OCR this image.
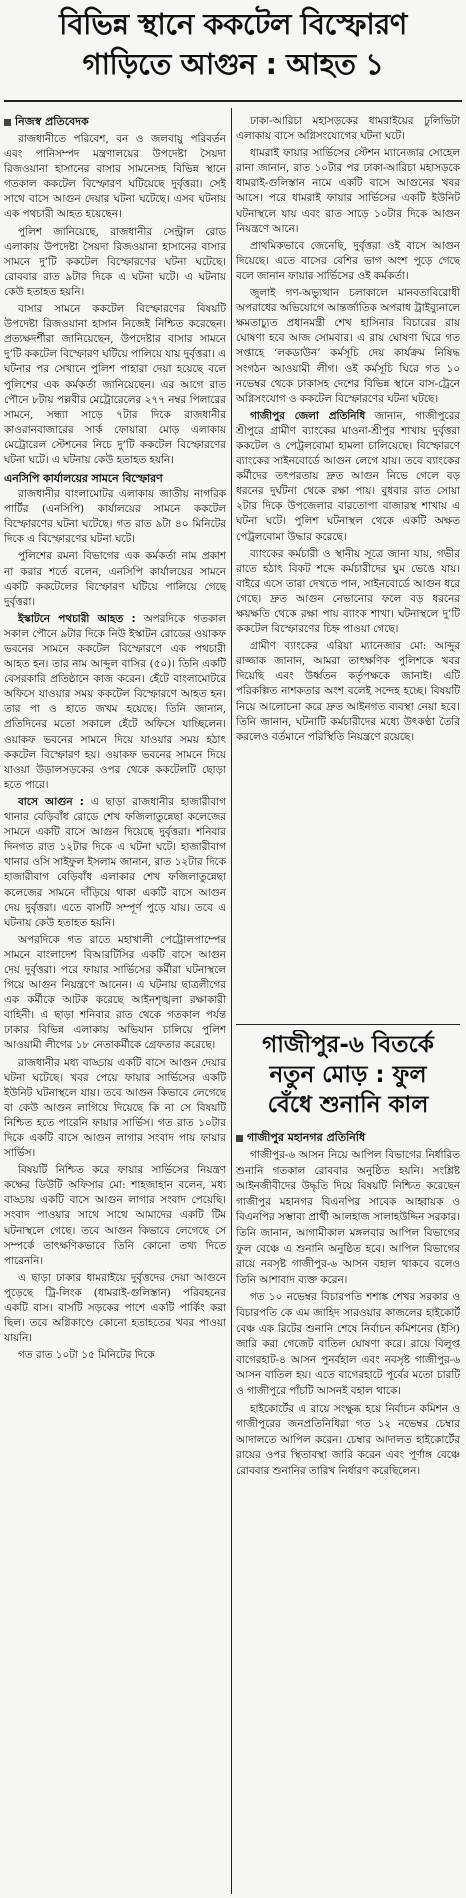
বিভিন্ন স্থানে ককটেল বিস্ফোরণ
গাড়িতে আগুন : আহত ১
নিজস্ব প্রতিবেদক

রাজধানীতে পরিবেশ, বন ও জলবায়ু পরিবর্তন এবং পানিসম্পদ মন্ত্রণালয়ের উপদেষ্টা সৈয়দা রিজওয়ানা হাসানের বাসার সামনেসহ বিভিন্ন স্থানে গতকাল ককটেল বিস্ফোরণ ঘটিয়েছে দুর্বৃত্তরা। সেই সাথে বাসে আগুন দেয়ার ঘটনা ঘটেছে। এসব ঘটনায় এক পথচারী আহত হয়েছেন।

পুলিশ জানিয়েছে, রাজধানীর সেন্ট্রাল রোড এলাকায় উপদেষ্টা সৈয়দা রিজওয়ানা হাসানের বাসার সামনে দু’টি ককটেল বিস্ফোরণের ঘটনা ঘটেছে। রোববার রাত ৯টার দিকে এ ঘটনা ঘটে। এ ঘটনায় কেউ হতাহত হয়নি।

বাসার সামনে ককটেল বিস্ফোরণের বিষয়টি উপদেষ্টা রিজওয়ানা হাসান নিজেই নিশ্চিত করেছেন। প্রত্যক্ষদর্শীরা জানিয়েছেন, উপদেষ্টার বাসার সামনে দু’টি ককটেল বিস্ফোরণ ঘটিয়ে পালিয়ে যায় দুর্বৃত্তরা। এ ঘটনার পর সেখানে পুলিশ পাহারা দেয়া হয়েছে বলে পুলিশের এক কর্মকর্তা জানিয়েছেন। এর আগে রাত পৌনে ৮টায় পল্লবীর মেট্রোরেলের ২৭৭ নম্বর পিলারের সামনে, সন্ধ্যা সাড়ে ৭টার দিকে রাজধানীর কাওরানবাজারের সার্ক ফোয়ারা মোড় এলাকায় মেট্রোরেল স্টেশনের নিচে দু’টি ককটেল বিস্ফোরণের ঘটনা ঘটে। এ ঘটনায় কেউ হতাহত হয়নি।

এনসিপি কার্যালয়ের সামনে বিস্ফোরণ

রাজধানীর বাংলামোটর এলাকায় জাতীয় নাগরিক পার্টির (এনসিপি) কার্যালয়ের সামনে ককটেল বিস্ফোরণের ঘটনা ঘটেছে। গত রাত ৯টা ৪০ মিনিটের দিকে এ বিস্ফোরণের ঘটনা ঘটে।

পুলিশের রমনা বিভাগের এক কর্মকর্তা নাম প্রকাশ না করার শর্তে বলেন, এনসিপি কার্যালয়ের সামনে একটি ককটেলের বিস্ফোরণ ঘটিয়ে পালিয়ে গেছে দুর্বৃত্তরা।

ইস্কাটনে পথচারী আহত : অপরদিকে গতকাল সকাল পৌনে ৯টার দিকে নিউ ইস্কাটন রোডের ওয়াকফ ভবনের সামনে ককটেল বিস্ফোরণে এক পথচারী আহত হন। তার নাম আব্দুল বাসির (৫০)। তিনি একটি বেসরকারি প্রতিষ্ঠানে কাজ করেন। হেঁটে বাংলামোটরে অফিসে যাওয়ার সময় ককটেল বিস্ফোরণে আহত হন। তার পা ও হাতে জখম হয়েছে। তিনি জানান, প্রতিদিনের মতো সকালে হেঁটে অফিসে যাচ্ছিলেন। ওয়াকফ ভবনের সামনে দিয়ে যাওয়ার সময় হঠাৎ ককটেল বিস্ফোরণ হয়। ওয়াকফ ভবনের সামনে দিয়ে যাওয়া উড়ালসড়কের ওপর থেকে ককটেলটি ছোড়া হতে পারে।

বাসে আগুন : এ ছাড়া রাজধানীর হাজারীবাগ থানার বেড়িবাঁধ রোডে শেখ ফজিলাতুন্নেছা কলেজের সামনে একটি বাসে আগুন দিয়েছে দুর্বৃত্তরা। শনিবার দিনগত রাত ১২টার দিকে এ ঘটনা ঘটে। হাজারীবাগ থানার ওসি সাইফুল ইসলাম জানান, রাত ১২টার দিকে হাজারীবাগ বেড়িবাঁধ এলাকার শেখ ফজিলাতুন্নেছা কলেজের সামনে দাঁড়িয়ে থাকা একটি বাসে আগুন দেয় দুর্বৃত্তরা। এতে বাসটি সম্পূর্ণ পুড়ে যায়। তবে এ ঘটনায় কেউ হতাহত হয়নি।

অপরদিকে গত রাতে মহাখালী পেট্রোলপাম্পের সামনে বাংলাদেশ বিআরটিসির একটি বাসে আগুন দেয় দুর্বৃত্তরা। পরে ফায়ার সার্ভিসের কর্মীরা ঘটনাস্থলে গিয়ে আগুন নিয়ন্ত্রণে আনেন। এ ঘটনায় ছাত্রলীগের এক কর্মীকে আটক করেছে আইনশৃঙ্খলা রক্ষাকারী বাহিনী। এ ছাড়া শনিবার রাত থেকে গতকাল পর্যন্ত ঢাকার বিভিন্ন এলাকায় অভিযান চালিয়ে পুলিশ আওয়ামী লীগের ১৮ নেতাকর্মীকে গ্রেফতার করেছে।

রাজধানীর মধ্য বাড্ডায় একটি বাসে আগুন দেয়ার ঘটনা ঘটেছে। খবর পেয়ে ফায়ার সার্ভিসের একটি ইউনিট ঘটনাস্থলে যায়। তবে আগুন কিভাবে লেগেছে বা কেউ আগুন লাগিয়ে দিয়েছে কি না সে বিষয়টি নিশ্চিত হতে পারেনি ফায়ার সার্ভিস। গত রাত ১০টার দিকে একটি বাসে আগুন লাগার সংবাদ পায় ফায়ার সার্ভিস।

বিষয়টি নিশ্চিত করে ফায়ার সার্ভিসের নিয়ন্ত্রণ কক্ষের ডিউটি অফিসার মো: শাহজাহান বলেন, মধ্য বাড্ডায় একটি বাসে আগুন লাগার সংবাদ পেয়েছি। সংবাদ পাওয়ার সাথে সাথে আমাদের একটি টিম ঘটনাস্থলে গেছে। তবে আগুন কিভাবে লেগেছে সে সম্পর্কে তাৎক্ষণিকভাবে তিনি কোনো তথ্য দিতে পারেননি।

এ ছাড়া ঢাকার ধামরাইয়ে দুর্বৃত্তদের দেয়া আগুনে পুড়েছে ট্রি-লিংক (ধামরাই-গুলিস্তান) পরিবহনের একটি বাস। বাসটি সড়কের পাশে একটি পার্কিং করা ছিল। তবে অগ্নিকাণ্ডে কোনো হতাহতের খবর পাওয়া যায়নি।

গত রাত ১০টা ১৫ মিনিটের দিকে

ঢাকা-আরিচা মহাসড়কের ধামরাইয়ের ঢুলিভিটা এলাকায় বাসে অগ্নিসংযোগের ঘটনা ঘটে।

ধামরাই ফায়ার সার্ভিসের স্টেশন ম্যানেজার সোহেল রানা জানান, রাত ১০টার পর ঢাকা-আরিচা মহাসড়কে ধামরাই-গুলিস্তান নামে একটি বাসে আগুনের খবর আসে। পরে ধামরাই ফায়ার সার্ভিসের একটি ইউনিট ঘটনাস্থলে যায় এবং রাত সাড়ে ১০টার দিকে আগুন নিয়ন্ত্রণে আনে।

প্রাথমিকভাবে জেনেছি, দুর্বৃত্তরা ওই বাসে আগুন দিয়েছে। এতে বাসের বেশির ভাগ অংশ পুড়ে গেছে বলে জানান ফায়ার সার্ভিসের ওই কর্মকর্তা।

জুলাই গণ-অভ্যুত্থান চলাকালে মানবতাবিরোধী অপরাধের অভিযোগে আন্তর্জাতিক অপরাধ ট্রাইব্যুনালে ক্ষমতাচ্যুত প্রধানমন্ত্রী শেখ হাসিনার বিচারের রায় ঘোষণা হবে আজ সোমবার। এ রায় ঘোষণা ঘিরে গত সপ্তাহে ‘লকডাউন’ কর্মসূচি দেয় কার্যক্রম নিষিদ্ধ সংগঠন আওয়ামী লীগ। ওই কর্মসূচি ঘিরে গত ১০ নভেম্বর থেকে ঢাকাসহ দেশের বিভিন্ন স্থানে বাস-ট্রেনে অগ্নিসংযোগ ও ককটেল বিস্ফোরণের ঘটনা ঘটছে।

গাজীপুর জেলা প্রতিনিধি জানান, গাজীপুরের শ্রীপুরে গ্রামীণ ব্যাংকের মাওনা-শ্রীপুর শাখায় দুর্বৃত্তরা ককটেল ও পেট্রলবোমা হামলা চালিয়েছে। বিস্ফোরণে ব্যাংকের সাইনবোর্ডে আগুন লেগে যায়। তবে ব্যাংকের কর্মীদের তৎপরতায় দ্রুত আগুন নিভে গেলে বড় ধরনের দুর্ঘটনা থেকে রক্ষা পায়। বুধবার রাত সোয়া ২টার দিকে উপজেলার বারতোপা বাজারস্থ শাখায় এ ঘটনা ঘটে। পুলিশ ঘটনাস্থল থেকে একটি অক্ষত পেট্রলবোমা উদ্ধার করেছে।

ব্যাংকের কর্মচারী ও স্থানীয় সূত্রে জানা যায়, গভীর রাতে হঠাৎ বিকট শব্দে কর্মচারীদের ঘুম ভেঙে যায়। বাইরে এসে তারা দেখতে পান, সাইনবোর্ডে আগুন ধরে গেছে। দ্রুত আগুন নেভানোর ফলে বড় ধরনের ক্ষয়ক্ষতি থেকে রক্ষা পায় ব্যাংক শাখা। ঘটনাস্থলে দু’টি ককটেল বিস্ফোরণের চিহ্ন পাওয়া গেছে।

গ্রামীণ ব্যাংকের এরিয়া ম্যানেজার মো: আব্দুর রাজ্জাক জানান, আমরা তাৎক্ষণিক পুলিশকে খবর দিয়েছি এবং উর্ধ্বতন কর্তৃপক্ষকে জানাই। এটি পরিকল্পিত নাশকতার অংশ বলেই সন্দেহ হচ্ছে। বিষয়টি নিয়ে আলোচনা করে দ্রুত আইনগত ব্যবস্থা নেয়া হবে। তিনি জানান, ঘটনাটি কর্মচারীদের মধ্যে উৎকণ্ঠা তৈরি করলেও বর্তমানে পরিস্থিতি নিয়ন্ত্রণে রয়েছে।

গাজীপুর-৬ বিতর্কে
নতুন মোড় : ফুল
বেঁধে শুনানি কাল
গাজীপুর মহানগর প্রতিনিধি

গাজীপুর-৬ আসন নিয়ে আপিল বিভাগের নির্ধারিত শুনানি গতকাল রোববার অনুষ্ঠিত হয়নি। সংশ্লিষ্ট আইনজীবীদের উদ্ধৃতি দিয়ে বিষয়টি নিশ্চিত করেছেন গাজীপুর মহানগর বিএনপির সাবেক আহ্বায়ক ও বিএনপির সম্ভাব্য প্রার্থী আলহাজ সালাহউদ্দিন সরকার। তিনি জানান, আগামীকাল মঙ্গলবার আপিল বিভাগের ফুল বেঞ্চে এ শুনানি অনুষ্ঠিত হবে। আপিল বিভাগের রায়ে নবসৃষ্ট গাজীপুর-৬ আসন বহাল থাকবে বলেও তিনি আশাবাদ ব্যক্ত করেন।

গত ১০ নভেম্বর বিচারপতি শশাঙ্ক শেখর সরকার ও বিচারপতি কে এম জাহিদ সারওয়ার কাজলের হাইকোর্ট বেঞ্চ এক রিটের শুনানি শেষে নির্বাচন কমিশনের (ইসি) জারি করা গেজেট বাতিল ঘোষণা করে। রায়ে বিলুপ্ত বাগেরহাট-৪ আসন পুনর্বহাল এবং নবসৃষ্ট গাজীপুর-৬ আসন বাতিল হয়। এতে বাগেরহাটে পূর্বের মতো চারটি ও গাজীপুরে পাঁচটি আসনই বহাল থাকে।

হাইকোর্টের এ রায়ে সংক্ষুব্ধ হয়ে নির্বাচন কমিশন ও গাজীপুরের জনপ্রতিনিধিরা গত ১২ নভেম্বর চেম্বার আদালতে আপিল করেন। চেম্বার আদালত হাইকোর্টের রায়ের ওপর স্থিতাবস্থা জারি করেন এবং পূর্ণাঙ্গ বেঞ্চে রোববার শুনানির তারিখ নির্ধারণ করেছিলেন।
